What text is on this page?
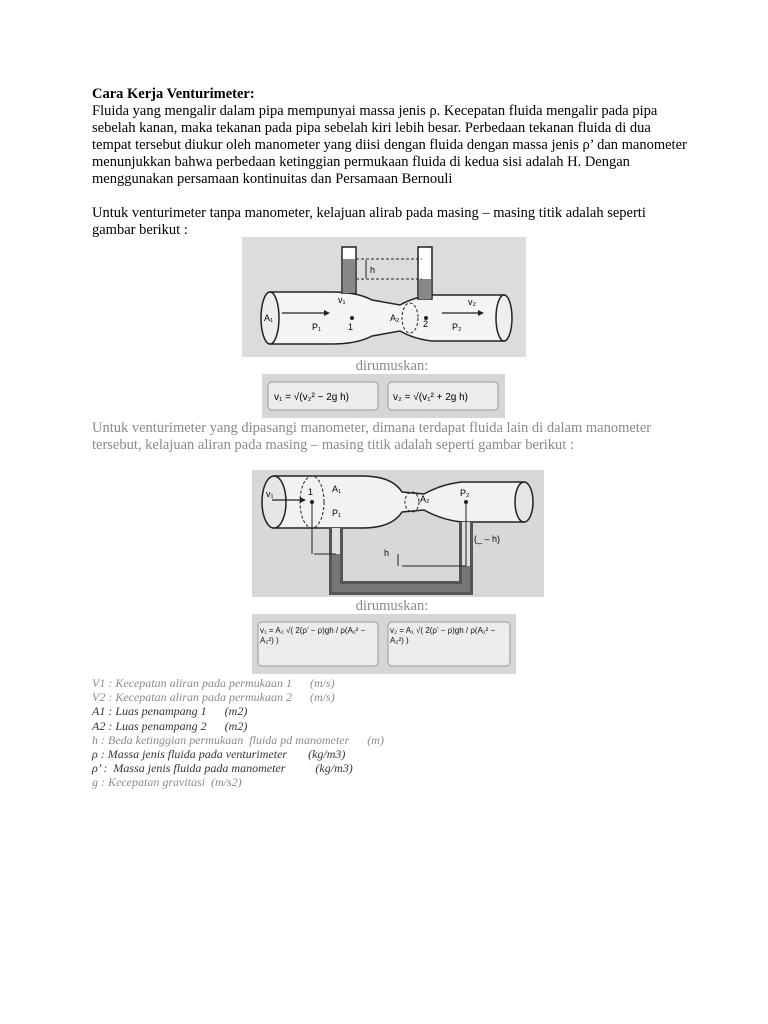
Cara Kerja Venturimeter:

Fluida yang mengalir dalam pipa mempunyai massa jenis ρ. Kecepatan fluida mengalir pada pipa sebelah kanan, maka tekanan pada pipa sebelah kiri lebih besar. Perbedaan tekanan fluida di dua tempat tersebut diukur oleh manometer yang diisi dengan fluida dengan massa jenis ρ’ dan manometer menunjukkan bahwa perbedaan ketinggian permukaan fluida di kedua sisi adalah H. Dengan menggunakan persamaan kontinuitas dan Persamaan Bernouli

Untuk venturimeter tanpa manometer, kelajuan alirab pada masing – masing titik adalah seperti gambar berikut :

h
v₁	v₂
A₁	A₂
P₁	P₂
1	2
dirumuskan:
v₁ = √(v₂² − 2g h)	v₂ = √(v₁² + 2g h)

Untuk venturimeter yang dipasangi manometer, dimana terdapat fluida lain di dalam manometer tersebut, kelajuan aliran pada masing – masing titik adalah seperti gambar berikut :

v₁	1 A₁
A₂
P₁
P₂
h
(_ – h)
dirumuskan:
v₁ = A₂ √( 2(ρ’ − ρ)gh / ρ(A₁² − A₂²) )
v₂ = A₁ √( 2(ρ’ − ρ)gh / ρ(A₁² − A₂²) )
V1 : Kecepatan aliran pada permukaan 1      (m/s)
V2 : Kecepatan aliran pada permukaan 2      (m/s)
A1 : Luas penampang 1      (m2)
A2 : Luas penampang 2      (m2)
h : Beda ketinggian permukaan  fluida pd manometer      (m)
ρ : Massa jenis fluida pada venturimeter       (kg/m3)
ρ’ :  Massa jenis fluida pada manometer          (kg/m3)
g : Kecepatan gravitasi  (m/s2)
